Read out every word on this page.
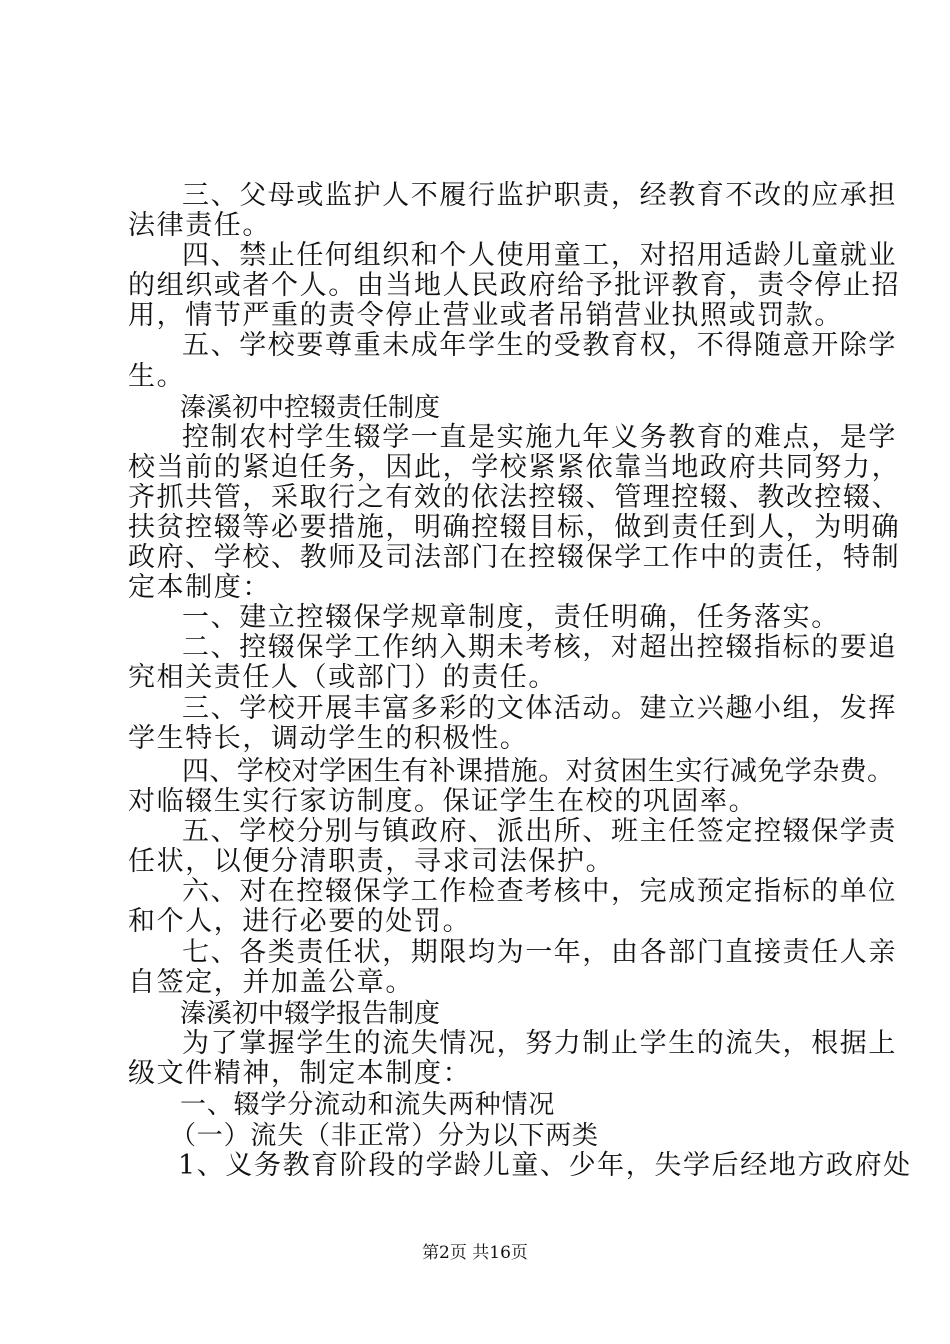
三、父母或监护人不履行监护职责，经教育不改的应承担
法律责任。
四、禁止任何组织和个人使用童工，对招用适龄儿童就业
的组织或者个人。由当地人民政府给予批评教育，责令停止招
用，情节严重的责令停止营业或者吊销营业执照或罚款。
五、学校要尊重未成年学生的受教育权，不得随意开除学
生。
溱溪初中控辍责任制度
控制农村学生辍学一直是实施九年义务教育的难点，是学
校当前的紧迫任务，因此，学校紧紧依靠当地政府共同努力，
齐抓共管，采取行之有效的依法控辍、管理控辍、教改控辍、
扶贫控辍等必要措施，明确控辍目标，做到责任到人，为明确
政府、学校、教师及司法部门在控辍保学工作中的责任，特制
定本制度：
一、建立控辍保学规章制度，责任明确，任务落实。
二、控辍保学工作纳入期未考核，对超出控辍指标的要追
究相关责任人（或部门）的责任。
三、学校开展丰富多彩的文体活动。建立兴趣小组，发挥
学生特长，调动学生的积极性。
四、学校对学困生有补课措施。对贫困生实行减免学杂费。
对临辍生实行家访制度。保证学生在校的巩固率。
五、学校分别与镇政府、派出所、班主任签定控辍保学责
任状，以便分清职责，寻求司法保护。
六、对在控辍保学工作检查考核中，完成预定指标的单位
和个人，进行必要的处罚。
七、各类责任状，期限均为一年，由各部门直接责任人亲
自签定，并加盖公章。
溱溪初中辍学报告制度
为了掌握学生的流失情况，努力制止学生的流失，根据上
级文件精神，制定本制度：
一、辍学分流动和流失两种情况
（一）流失（非正常）分为以下两类
1、义务教育阶段的学龄儿童、少年，失学后经地方政府处
第2页 共16页
